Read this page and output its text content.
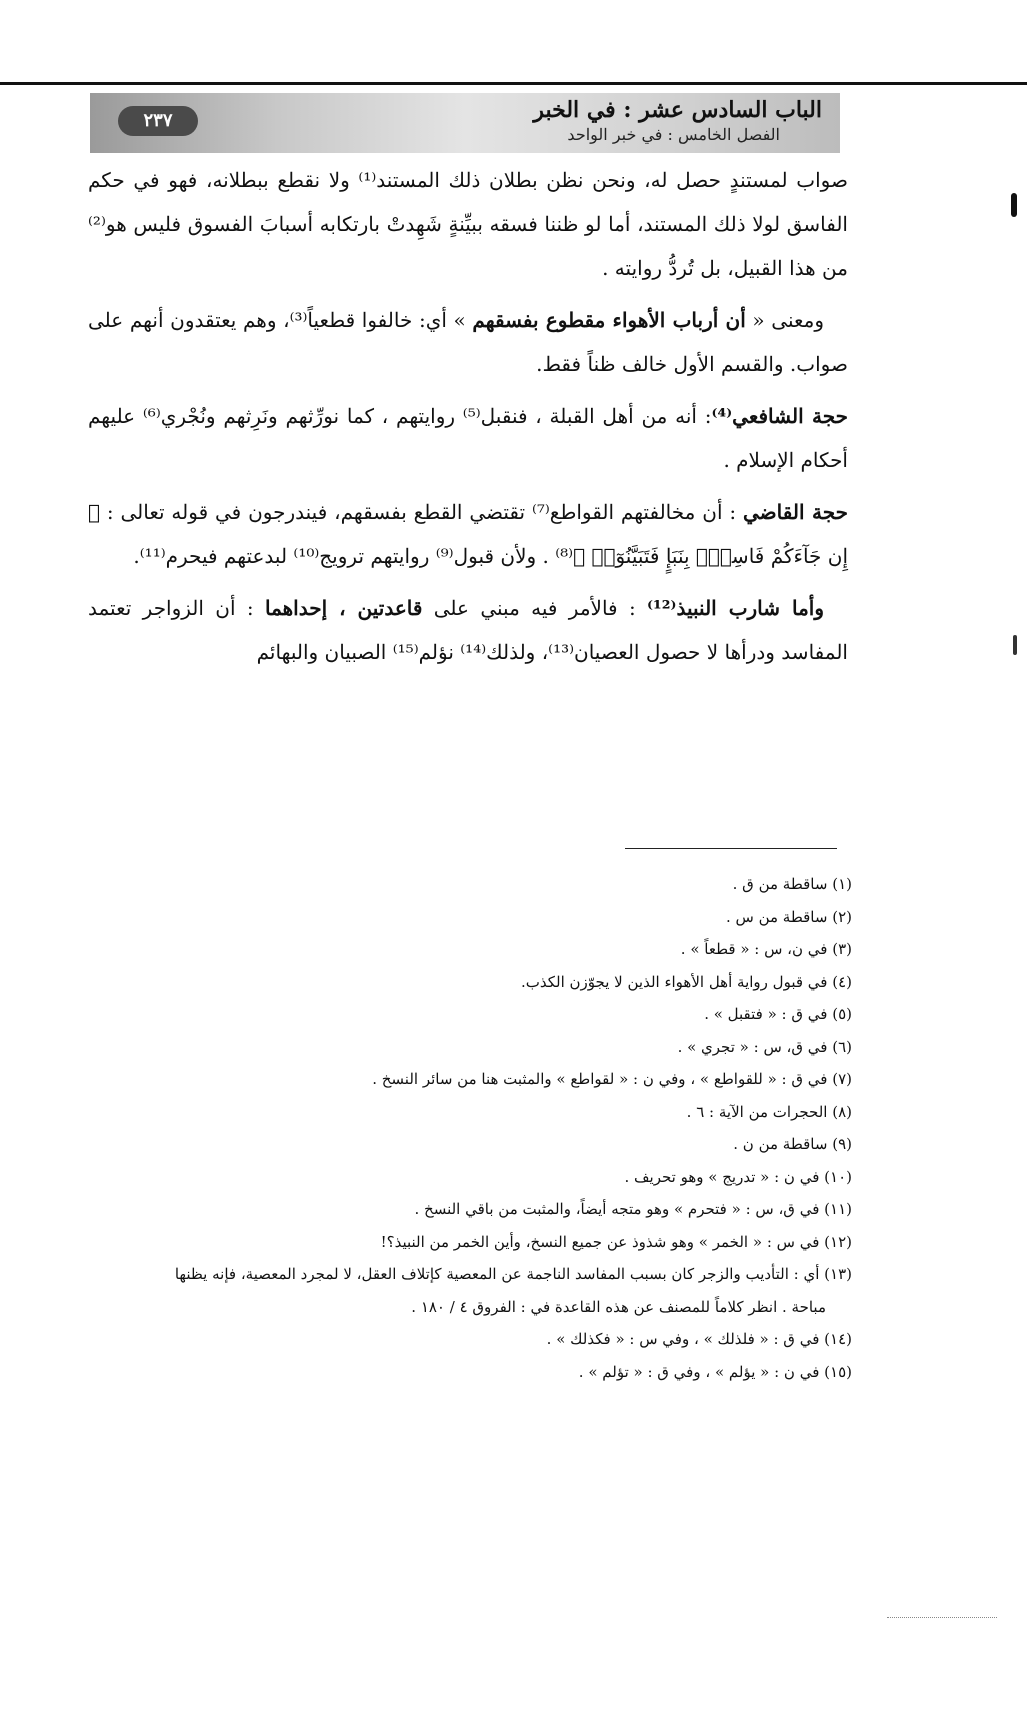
الباب السادس عشر : في الخبر
الفصل الخامس : في خبر الواحد
٢٣٧

صواب لمستندٍ حصل له، ونحن نظن بطلان ذلك المستند⁽¹⁾ ولا نقطع ببطلانه، فهو في حكم الفاسق لولا ذلك المستند، أما لو ظننا فسقه ببيِّنةٍ شَهِدتْ بارتكابه أسبابَ الفسوق فليس هو⁽²⁾ من هذا القبيل، بل تُردُّ روايته .

ومعنى « أن أرباب الأهواء مقطوع بفسقهم » أي: خالفوا قطعياً⁽³⁾، وهم يعتقدون أنهم على صواب. والقسم الأول خالف ظناً فقط.

حجة الشافعي⁽⁴⁾: أنه من أهل القبلة ، فنقبل⁽⁵⁾ روايتهم ، كما نورِّثهم ونَرِثهم ونُجْري⁽⁶⁾ عليهم أحكام الإسلام .

حجة القاضي : أن مخالفتهم القواطع⁽⁷⁾ تقتضي القطع بفسقهم، فيندرجون في قوله تعالى : ﴿ إِن جَآءَكُمْ فَاسِقُۢ بِنَبَإٍ فَتَبَيَّنُوٓا۟ ﴾⁽⁸⁾ . ولأن قبول⁽⁹⁾ روايتهم ترويج⁽¹⁰⁾ لبدعتهم فيحرم⁽¹¹⁾.

وأما شارب النبيذ⁽¹²⁾ : فالأمر فيه مبني على قاعدتين ، إحداهما : أن الزواجر تعتمد المفاسد ودرأها لا حصول العصيان⁽¹³⁾، ولذلك⁽¹⁴⁾ نؤلم⁽¹⁵⁾ الصبيان والبهائم

(١) ساقطة من ق .

(٢) ساقطة من س .

(٣) في ن، س : « قطعاً » .

(٤) في قبول رواية أهل الأهواء الذين لا يجوّزن الكذب.

(٥) في ق : « فتقبل » .

(٦) في ق، س : « تجري » .

(٧) في ق : « للقواطع » ، وفي ن : « لقواطع » والمثبت هنا من سائر النسخ .

(٨) الحجرات من الآية : ٦ .

(٩) ساقطة من ن .

(١٠) في ن : « تدريج » وهو تحريف .

(١١) في ق، س : « فتحرم » وهو متجه أيضاً، والمثبت من باقي النسخ .

(١٢) في س : « الخمر » وهو شذوذ عن جميع النسخ، وأين الخمر من النبيذ؟!

(١٣) أي : التأديب والزجر كان بسبب المفاسد الناجمة عن المعصية كإتلاف العقل، لا لمجرد المعصية، فإنه يظنها

مباحة . انظر كلاماً للمصنف عن هذه القاعدة في : الفروق ٤ / ١٨٠ .

(١٤) في ق : « فلذلك » ، وفي س : « فكذلك » .

(١٥) في ن : « يؤلم » ، وفي ق : « تؤلم » .
